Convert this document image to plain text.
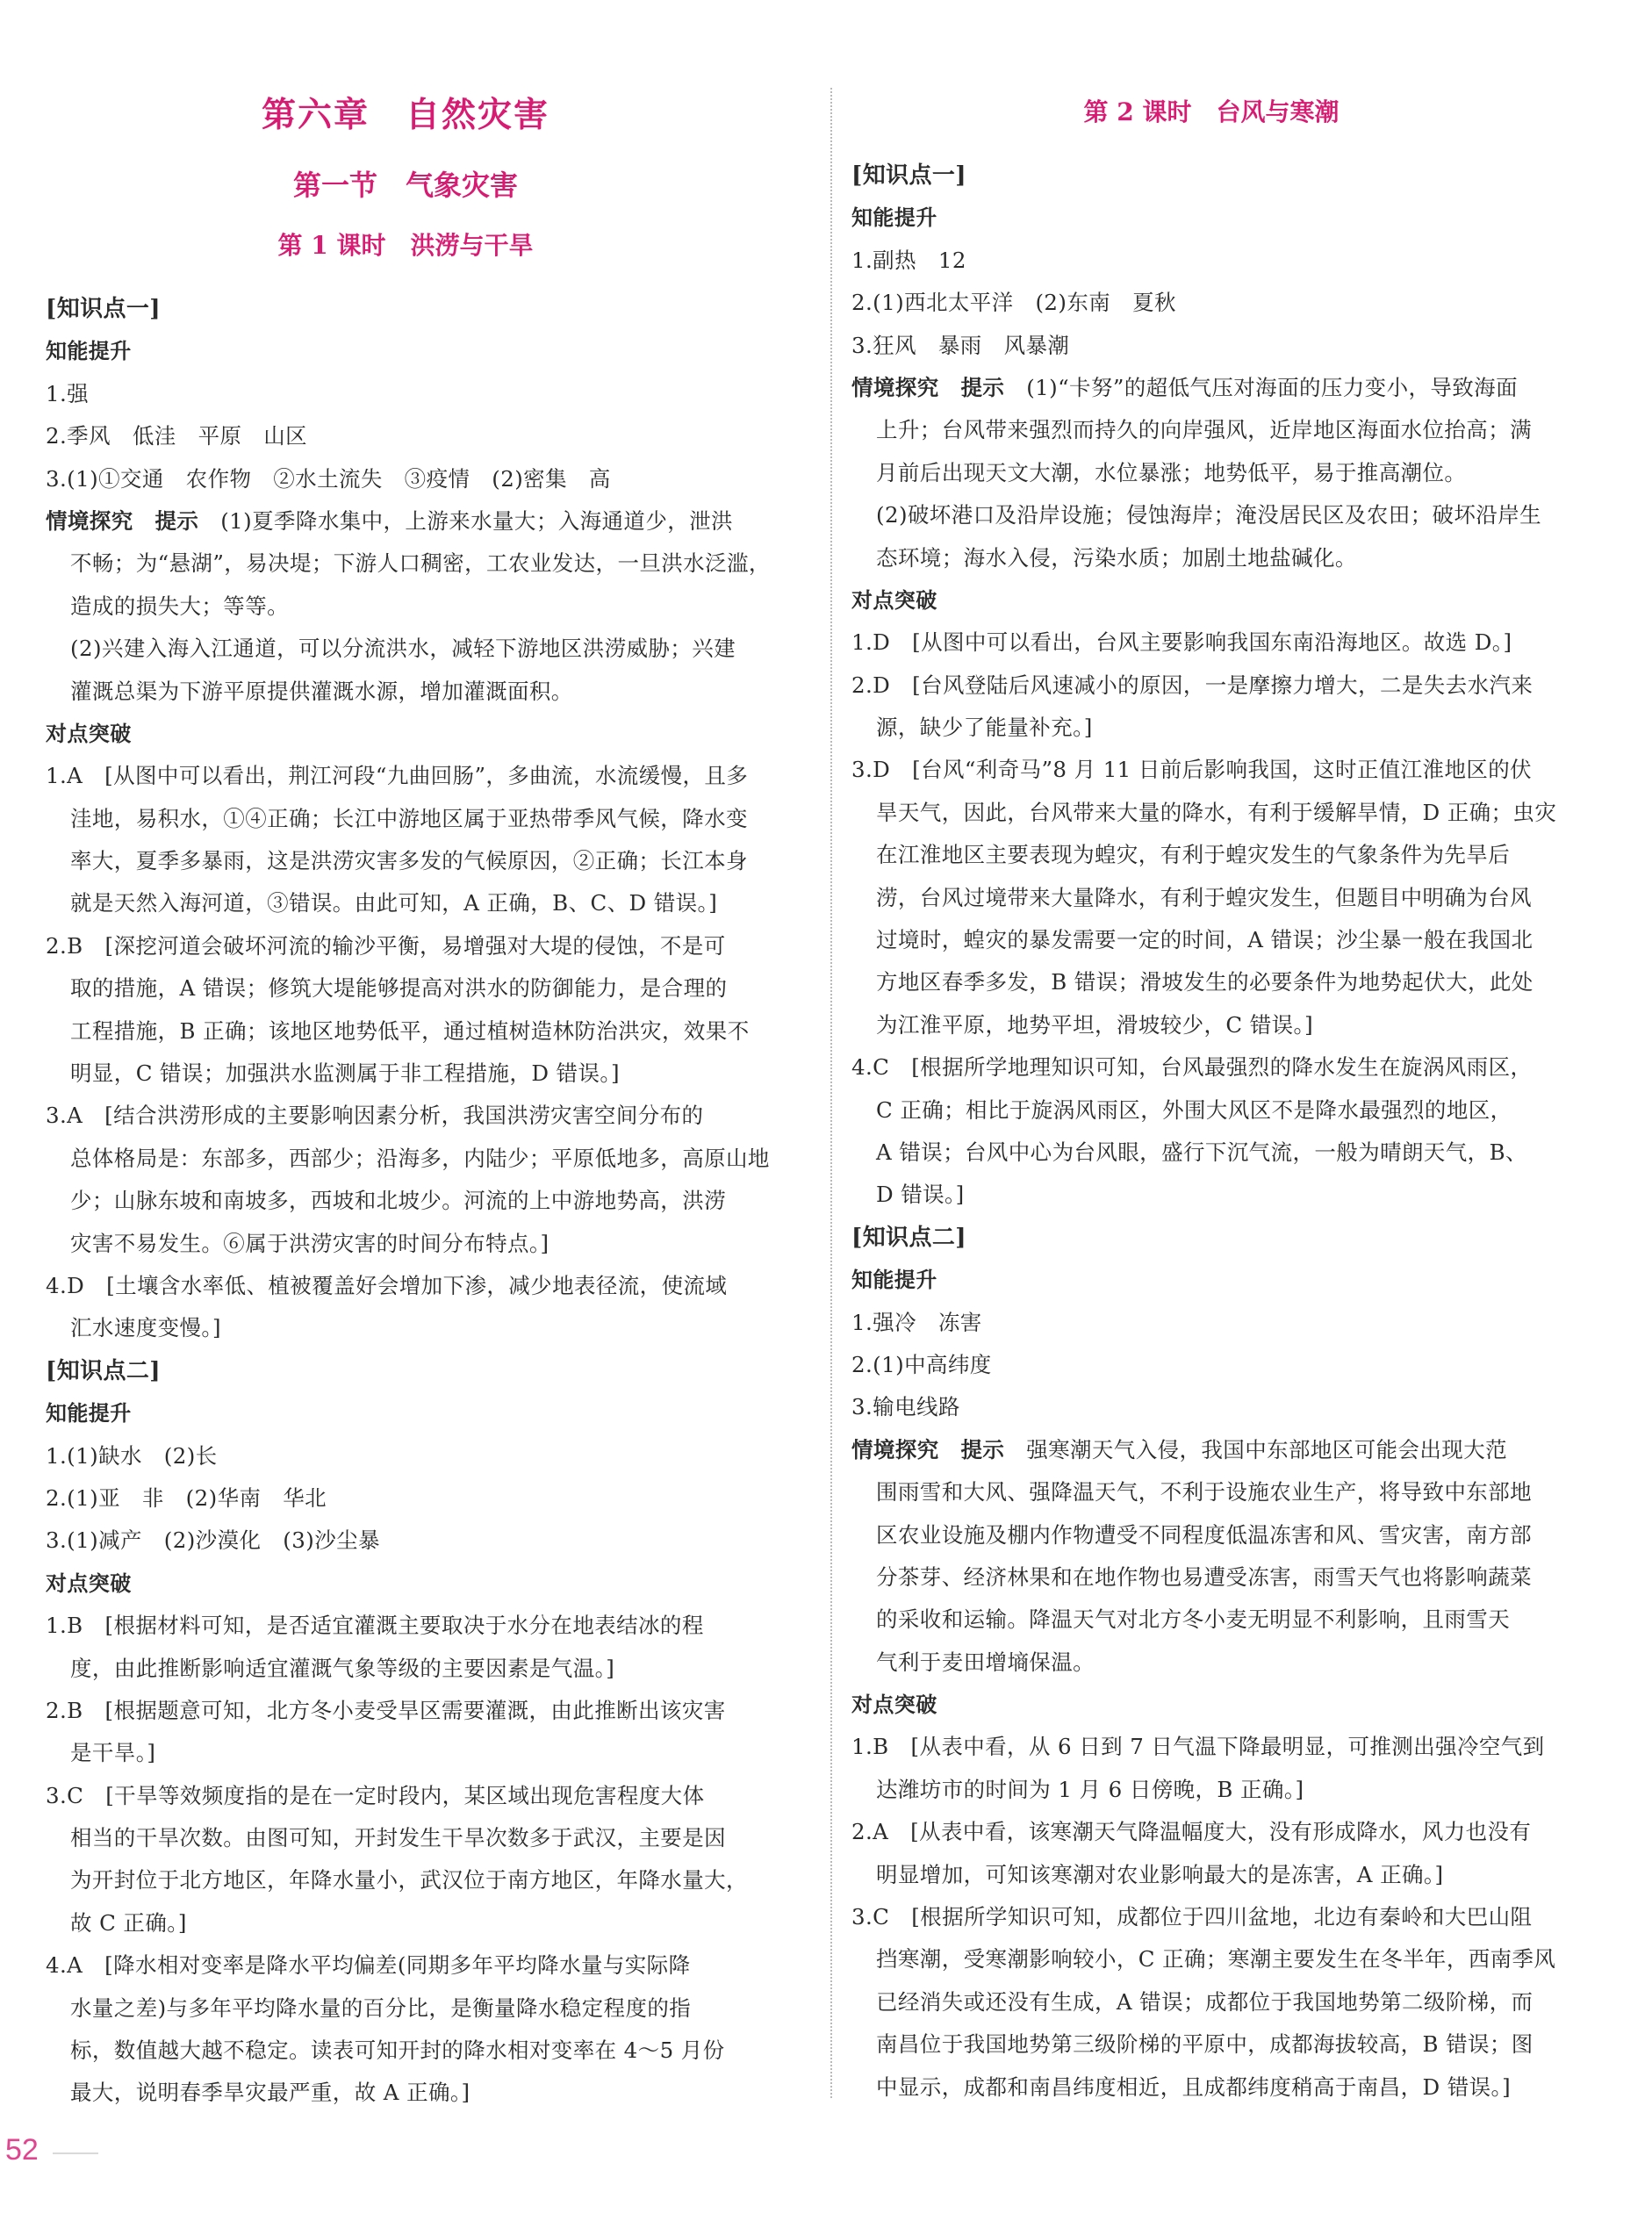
第六章　自然灾害
第一节　气象灾害
第 1 课时　洪涝与干旱
[知识点一]
知能提升
1.强
2.季风　低洼　平原　山区
3.(1)①交通　农作物　②水土流失　③疫情　(2)密集　高
情境探究　提示　(1)夏季降水集中，上游来水量大；入海通道少，泄洪
不畅；为“悬湖”，易决堤；下游人口稠密，工农业发达，一旦洪水泛滥，
造成的损失大；等等。
(2)兴建入海入江通道，可以分流洪水，减轻下游地区洪涝威胁；兴建
灌溉总渠为下游平原提供灌溉水源，增加灌溉面积。
对点突破
1.A　[从图中可以看出，荆江河段“九曲回肠”，多曲流，水流缓慢，且多
洼地，易积水，①④正确；长江中游地区属于亚热带季风气候，降水变
率大，夏季多暴雨，这是洪涝灾害多发的气候原因，②正确；长江本身
就是天然入海河道，③错误。由此可知，A 正确，B、C、D 错误。]
2.B　[深挖河道会破坏河流的输沙平衡，易增强对大堤的侵蚀，不是可
取的措施，A 错误；修筑大堤能够提高对洪水的防御能力，是合理的
工程措施，B 正确；该地区地势低平，通过植树造林防治洪灾，效果不
明显，C 错误；加强洪水监测属于非工程措施，D 错误。]
3.A　[结合洪涝形成的主要影响因素分析，我国洪涝灾害空间分布的
总体格局是：东部多，西部少；沿海多，内陆少；平原低地多，高原山地
少；山脉东坡和南坡多，西坡和北坡少。河流的上中游地势高，洪涝
灾害不易发生。⑥属于洪涝灾害的时间分布特点。]
4.D　[土壤含水率低、植被覆盖好会增加下渗，减少地表径流，使流域
汇水速度变慢。]
[知识点二]
知能提升
1.(1)缺水　(2)长
2.(1)亚　非　(2)华南　华北
3.(1)减产　(2)沙漠化　(3)沙尘暴
对点突破
1.B　[根据材料可知，是否适宜灌溉主要取决于水分在地表结冰的程
度，由此推断影响适宜灌溉气象等级的主要因素是气温。]
2.B　[根据题意可知，北方冬小麦受旱区需要灌溉，由此推断出该灾害
是干旱。]
3.C　[干旱等效频度指的是在一定时段内，某区域出现危害程度大体
相当的干旱次数。由图可知，开封发生干旱次数多于武汉，主要是因
为开封位于北方地区，年降水量小，武汉位于南方地区，年降水量大，
故 C 正确。]
4.A　[降水相对变率是降水平均偏差(同期多年平均降水量与实际降
水量之差)与多年平均降水量的百分比，是衡量降水稳定程度的指
标，数值越大越不稳定。读表可知开封的降水相对变率在 4～5 月份
最大，说明春季旱灾最严重，故 A 正确。]
第 2 课时　台风与寒潮
[知识点一]
知能提升
1.副热　12
2.(1)西北太平洋　(2)东南　夏秋
3.狂风　暴雨　风暴潮
情境探究　提示　(1)“卡努”的超低气压对海面的压力变小，导致海面
上升；台风带来强烈而持久的向岸强风，近岸地区海面水位抬高；满
月前后出现天文大潮，水位暴涨；地势低平，易于推高潮位。
(2)破坏港口及沿岸设施；侵蚀海岸；淹没居民区及农田；破坏沿岸生
态环境；海水入侵，污染水质；加剧土地盐碱化。
对点突破
1.D　[从图中可以看出，台风主要影响我国东南沿海地区。故选 D。]
2.D　[台风登陆后风速减小的原因，一是摩擦力增大，二是失去水汽来
源，缺少了能量补充。]
3.D　[台风“利奇马”8 月 11 日前后影响我国，这时正值江淮地区的伏
旱天气，因此，台风带来大量的降水，有利于缓解旱情，D 正确；虫灾
在江淮地区主要表现为蝗灾，有利于蝗灾发生的气象条件为先旱后
涝，台风过境带来大量降水，有利于蝗灾发生，但题目中明确为台风
过境时，蝗灾的暴发需要一定的时间，A 错误；沙尘暴一般在我国北
方地区春季多发，B 错误；滑坡发生的必要条件为地势起伏大，此处
为江淮平原，地势平坦，滑坡较少，C 错误。]
4.C　[根据所学地理知识可知，台风最强烈的降水发生在旋涡风雨区，
C 正确；相比于旋涡风雨区，外围大风区不是降水最强烈的地区，
A 错误；台风中心为台风眼，盛行下沉气流，一般为晴朗天气，B、
D 错误。]
[知识点二]
知能提升
1.强冷　冻害
2.(1)中高纬度
3.输电线路
情境探究　提示　强寒潮天气入侵，我国中东部地区可能会出现大范
围雨雪和大风、强降温天气，不利于设施农业生产，将导致中东部地
区农业设施及棚内作物遭受不同程度低温冻害和风、雪灾害，南方部
分茶芽、经济林果和在地作物也易遭受冻害，雨雪天气也将影响蔬菜
的采收和运输。降温天气对北方冬小麦无明显不利影响，且雨雪天
气利于麦田增墒保温。
对点突破
1.B　[从表中看，从 6 日到 7 日气温下降最明显，可推测出强冷空气到
达潍坊市的时间为 1 月 6 日傍晚，B 正确。]
2.A　[从表中看，该寒潮天气降温幅度大，没有形成降水，风力也没有
明显增加，可知该寒潮对农业影响最大的是冻害，A 正确。]
3.C　[根据所学知识可知，成都位于四川盆地，北边有秦岭和大巴山阻
挡寒潮，受寒潮影响较小，C 正确；寒潮主要发生在冬半年，西南季风
已经消失或还没有生成，A 错误；成都位于我国地势第二级阶梯，而
南昌位于我国地势第三级阶梯的平原中，成都海拔较高，B 错误；图
中显示，成都和南昌纬度相近，且成都纬度稍高于南昌，D 错误。]
52
